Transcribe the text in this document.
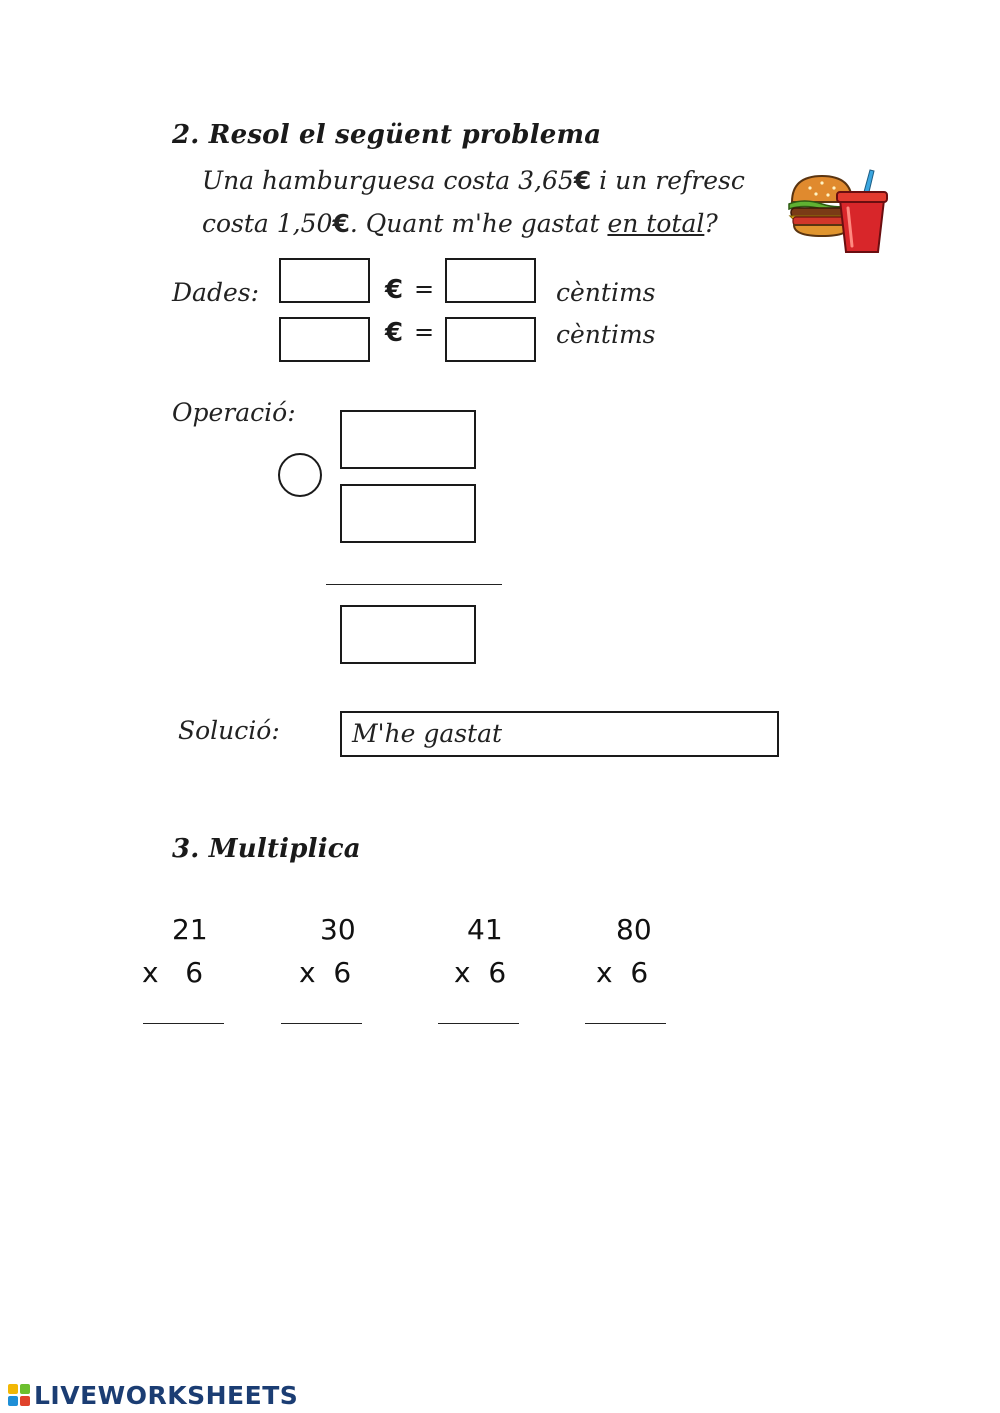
2. Resol el següent problema
Una hamburguesa costa 3,65€ i un refresc
costa 1,50€. Quant m'he gastat en total?
Dades:	€ =	cèntims
€ =	cèntims
Operació:
Solució:	M'he gastat
3. Multiplica
21
x   6
30
x  6
41
x  6
80
x  6
LIVEWORKSHEETS
